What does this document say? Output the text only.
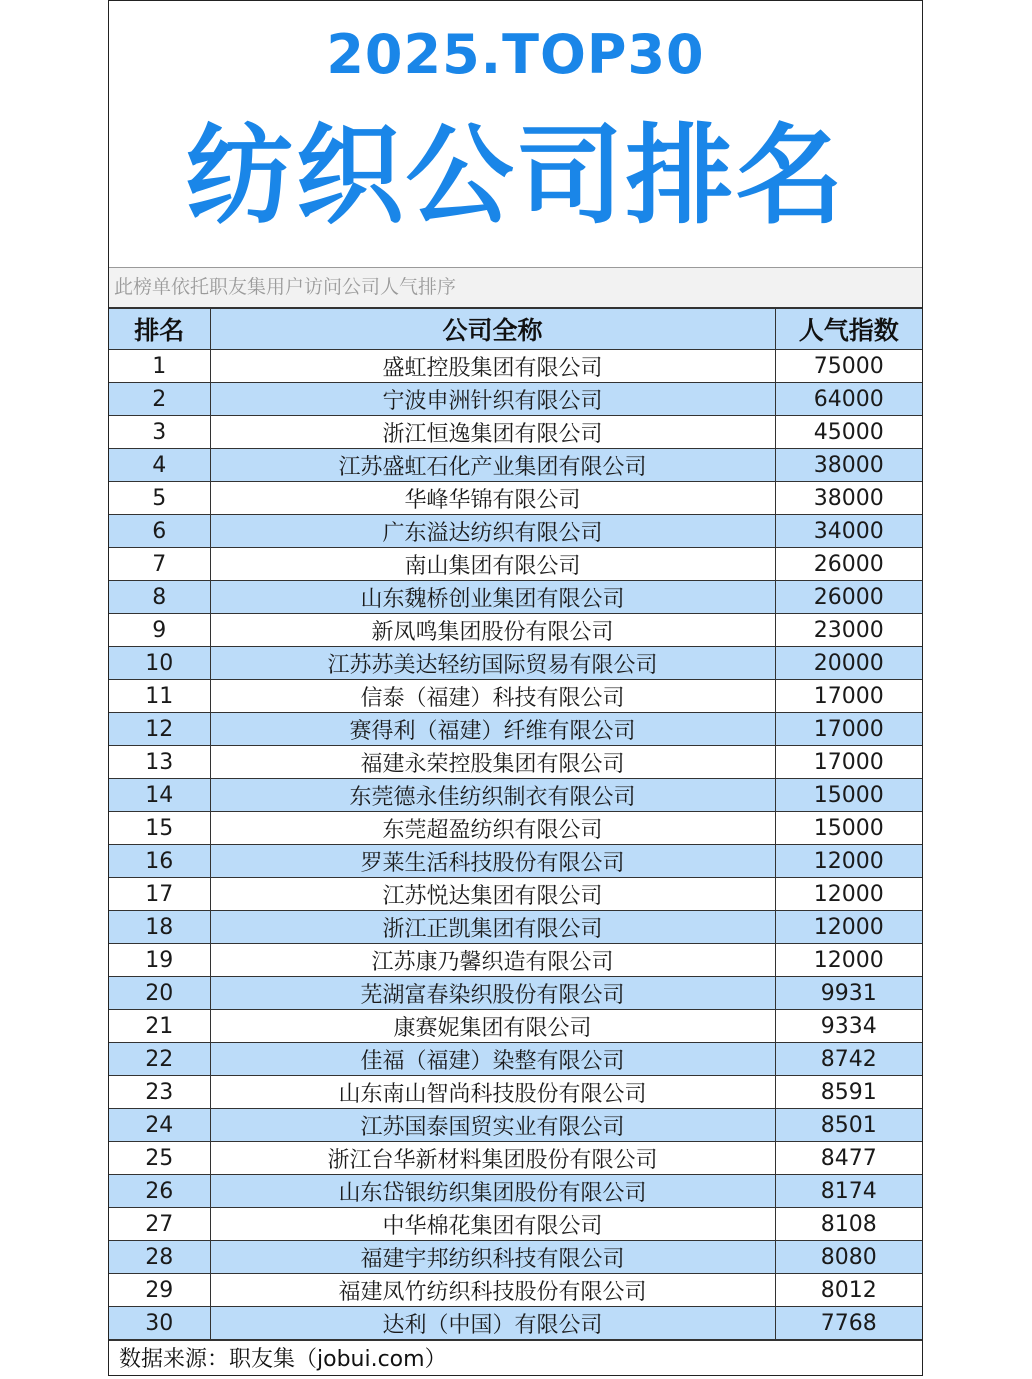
2025.TOP30
纺织公司排名
此榜单依托职友集用户访问公司人气排序
排名	公司全称	人气指数
1	盛虹控股集团有限公司	75000
2	宁波申洲针织有限公司	64000
3	浙江恒逸集团有限公司	45000
4	江苏盛虹石化产业集团有限公司	38000
5	华峰华锦有限公司	38000
6	广东溢达纺织有限公司	34000
7	南山集团有限公司	26000
8	山东魏桥创业集团有限公司	26000
9	新凤鸣集团股份有限公司	23000
10	江苏苏美达轻纺国际贸易有限公司	20000
11	信泰（福建）科技有限公司	17000
12	赛得利（福建）纤维有限公司	17000
13	福建永荣控股集团有限公司	17000
14	东莞德永佳纺织制衣有限公司	15000
15	东莞超盈纺织有限公司	15000
16	罗莱生活科技股份有限公司	12000
17	江苏悦达集团有限公司	12000
18	浙江正凯集团有限公司	12000
19	江苏康乃馨织造有限公司	12000
20	芜湖富春染织股份有限公司	9931
21	康赛妮集团有限公司	9334
22	佳福（福建）染整有限公司	8742
23	山东南山智尚科技股份有限公司	8591
24	江苏国泰国贸实业有限公司	8501
25	浙江台华新材料集团股份有限公司	8477
26	山东岱银纺织集团股份有限公司	8174
27	中华棉花集团有限公司	8108
28	福建宇邦纺织科技有限公司	8080
29	福建凤竹纺织科技股份有限公司	8012
30	达利（中国）有限公司	7768
数据来源：职友集（jobui.com）
